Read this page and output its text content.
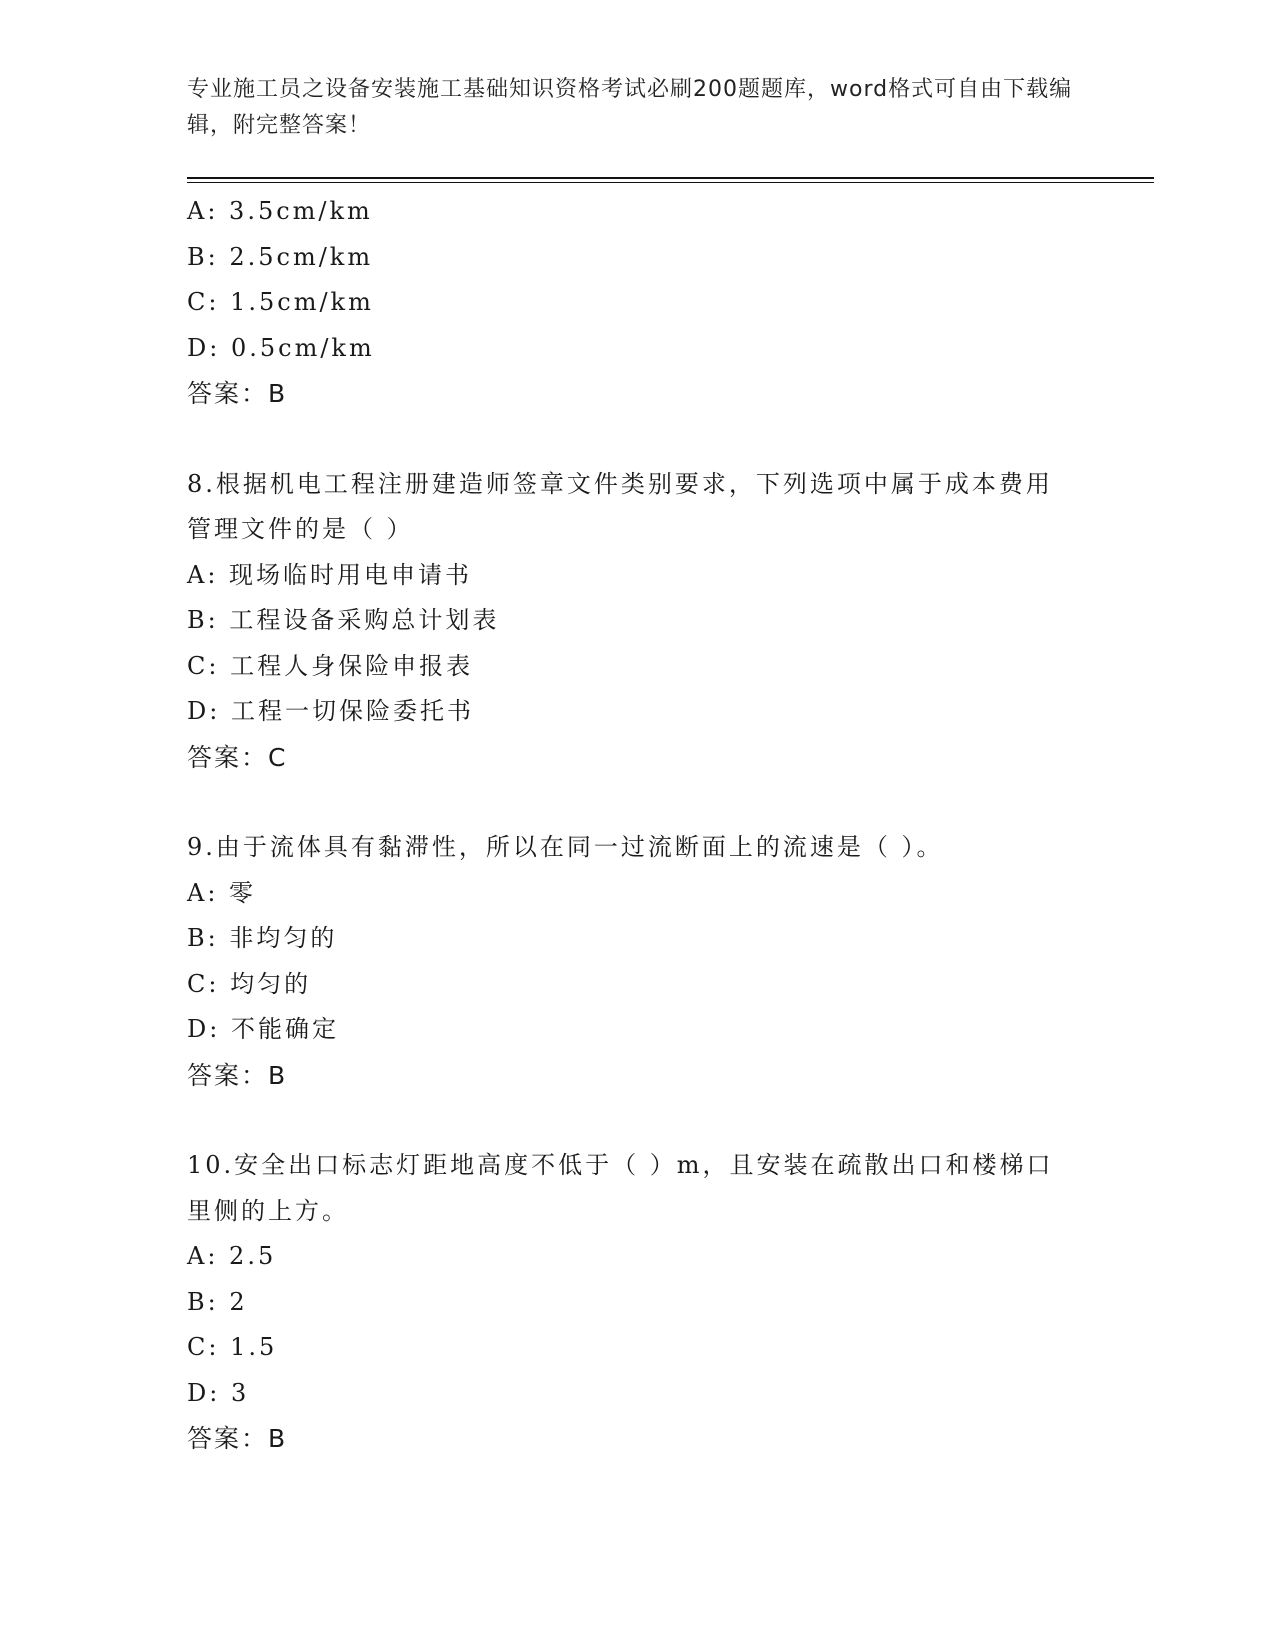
专业施工员之设备安装施工基础知识资格考试必刷200题题库，word格式可自由下载编辑，附完整答案！
A: 3.5cm/km
B: 2.5cm/km
C: 1.5cm/km
D: 0.5cm/km
答案：B
8.根据机电工程注册建造师签章文件类别要求，下列选项中属于成本费用管理文件的是（ ）
A: 现场临时用电申请书
B: 工程设备采购总计划表
C: 工程人身保险申报表
D: 工程一切保险委托书
答案：C
9.由于流体具有黏滞性，所以在同一过流断面上的流速是（ ）。
A: 零
B: 非均匀的
C: 均匀的
D: 不能确定
答案：B
10.安全出口标志灯距地高度不低于（ ）m，且安装在疏散出口和楼梯口里侧的上方。
A: 2.5
B: 2
C: 1.5
D: 3
答案：B
